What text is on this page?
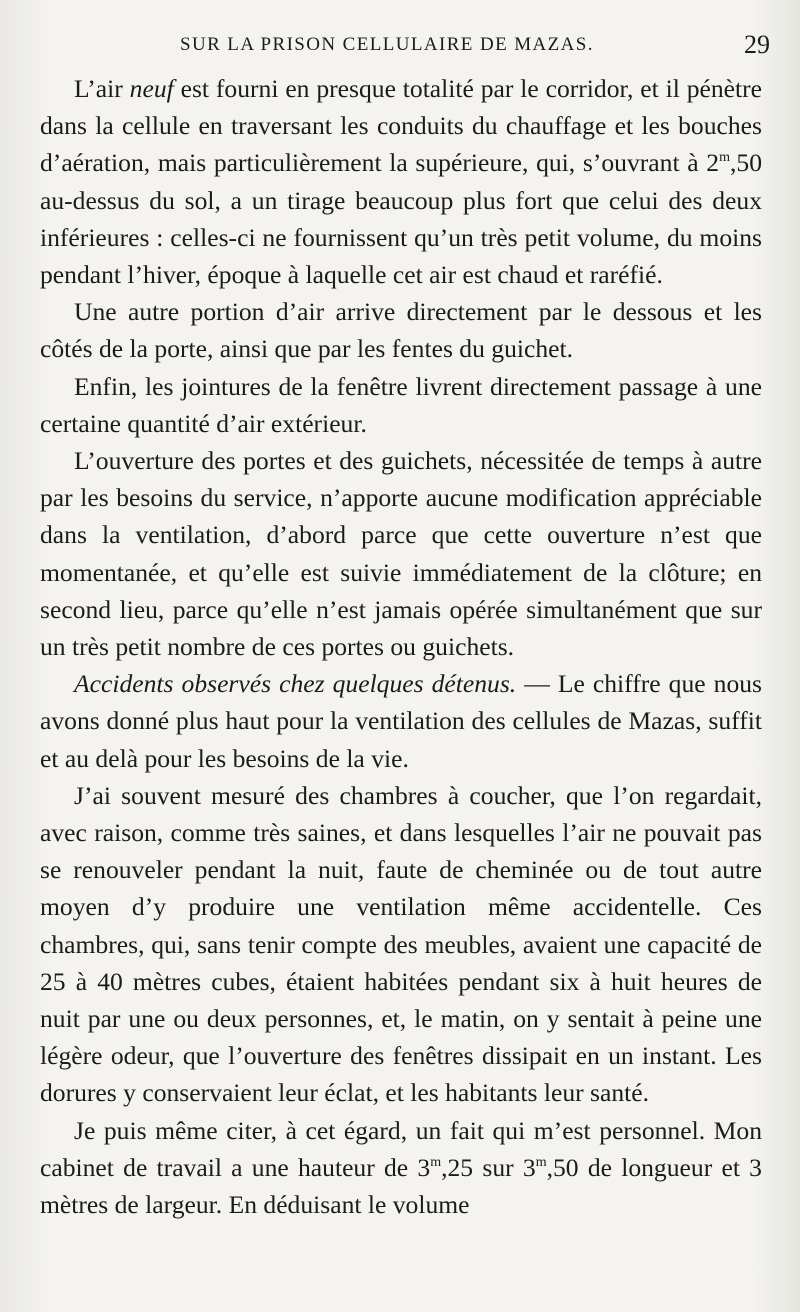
SUR LA PRISON CELLULAIRE DE MAZAS.	29

L’air neuf est fourni en presque totalité par le corridor, et il pénètre dans la cellule en traversant les conduits du chauffage et les bouches d’aération, mais particulièrement la supérieure, qui, s’ouvrant à 2$^m$,50 au-dessus du sol, a un tirage beaucoup plus fort que celui des deux inférieures : celles-ci ne fournissent qu’un très petit volume, du moins pendant l’hiver, époque à laquelle cet air est chaud et raréfié.

Une autre portion d’air arrive directement par le dessous et les côtés de la porte, ainsi que par les fentes du guichet.

Enfin, les jointures de la fenêtre livrent directement passage à une certaine quantité d’air extérieur.

L’ouverture des portes et des guichets, nécessitée de temps à autre par les besoins du service, n’apporte aucune modification appréciable dans la ventilation, d’abord parce que cette ouverture n’est que momentanée, et qu’elle est suivie immédiatement de la clôture; en second lieu, parce qu’elle n’est jamais opérée simultanément que sur un très petit nombre de ces portes ou guichets.

Accidents observés chez quelques détenus. — Le chiffre que nous avons donné plus haut pour la ventilation des cellules de Mazas, suffit et au delà pour les besoins de la vie.

J’ai souvent mesuré des chambres à coucher, que l’on regardait, avec raison, comme très saines, et dans lesquelles l’air ne pouvait pas se renouveler pendant la nuit, faute de cheminée ou de tout autre moyen d’y produire une ventilation même accidentelle. Ces chambres, qui, sans tenir compte des meubles, avaient une capacité de 25 à 40 mètres cubes, étaient habitées pendant six à huit heures de nuit par une ou deux personnes, et, le matin, on y sentait à peine une légère odeur, que l’ouverture des fenêtres dissipait en un instant. Les dorures y conservaient leur éclat, et les habitants leur santé.

Je puis même citer, à cet égard, un fait qui m’est personnel. Mon cabinet de travail a une hauteur de 3$^m$,25 sur 3$^m$,50 de longueur et 3 mètres de largeur. En déduisant le volume
